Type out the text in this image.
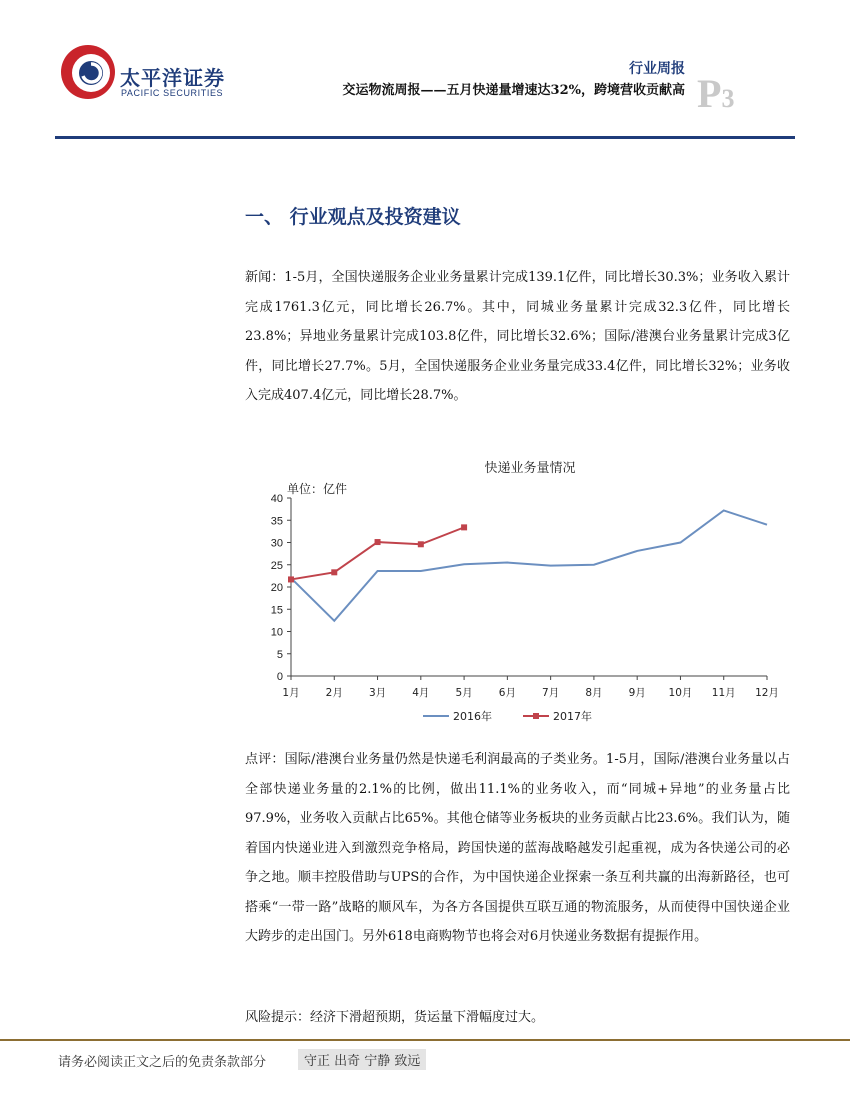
太平洋证券
PACIFIC SECURITIES
行业周报
交运物流周报——五月快递量增速达32%，跨境营收贡献高 P3
一、 行业观点及投资建议
新闻：1-5月，全国快递服务企业业务量累计完成139.1亿件，同比增长30.3%；业务收入累计完成1761.3亿元，同比增长26.7%。其中，同城业务量累计完成32.3亿件，同比增长23.8%；异地业务量累计完成103.8亿件，同比增长32.6%；国际/港澳台业务量累计完成3亿件，同比增长27.7%。5月，全国快递服务企业业务量完成33.4亿件，同比增长32%；业务收入完成407.4亿元，同比增长28.7%。
快递业务量情况
单位：亿件
0
5
10
15
20
25
30
35
40
1月 2月 3月 4月 5月 6月 7月 8月 9月 10月 11月 12月
2016年	2017年
点评：国际/港澳台业务量仍然是快递毛利润最高的子类业务。1-5月，国际/港澳台业务量以占全部快递业务量的2.1%的比例，做出11.1%的业务收入，而“同城+异地”的业务量占比97.9%，业务收入贡献占比65%。其他仓储等业务板块的业务贡献占比23.6%。我们认为，随着国内快递业进入到激烈竞争格局，跨国快递的蓝海战略越发引起重视，成为各快递公司的必争之地。顺丰控股借助与UPS的合作，为中国快递企业探索一条互利共赢的出海新路径，也可搭乘“一带一路”战略的顺风车，为各方各国提供互联互通的物流服务，从而使得中国快递企业大跨步的走出国门。另外618电商购物节也将会对6月快递业务数据有提振作用。
风险提示：经济下滑超预期，货运量下滑幅度过大。
请务必阅读正文之后的免责条款部分	守正 出奇 宁静 致远
